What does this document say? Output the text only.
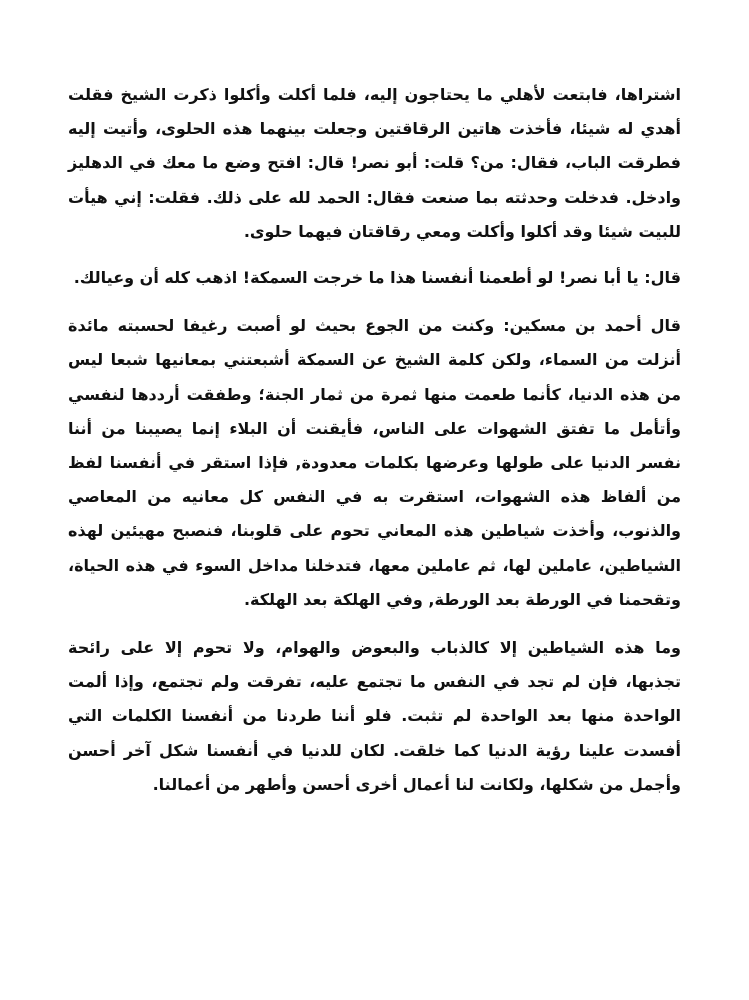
اشتراها، فابتعت لأهلي ما يحتاجون إليه، فلما أكلت وأكلوا ذكرت الشيخ فقلت أهدي له شيئا، فأخذت هاتين الرقاقتين وجعلت بينهما هذه الحلوى، وأتيت إليه فطرقت الباب، فقال: من؟ قلت: أبو نصر! قال: افتح وضع ما معك في الدهليز وادخل. فدخلت وحدثته بما صنعت فقال: الحمد لله على ذلك. فقلت: إني هيأت للبيت شيئا وقد أكلوا وأكلت ومعي رقاقتان فيهما حلوى.

قال: يا أبا نصر! لو أطعمنا أنفسنا هذا ما خرجت السمكة! اذهب كله أن وعيالك.

قال أحمد بن مسكين: وكنت من الجوع بحيث لو أصبت رغيفا لحسبته مائدة أنزلت من السماء، ولكن كلمة الشيخ عن السمكة أشبعتني بمعانيها شبعا ليس من هذه الدنيا، كأنما طعمت منها ثمرة من ثمار الجنة؛ وطفقت أرددها لنفسي وأتأمل ما تفتق الشهوات على الناس، فأيقنت أن البلاء إنما يصيبنا من أننا نفسر الدنيا على طولها وعرضها بكلمات معدودة, فإذا استقر في أنفسنا لفظ من ألفاظ هذه الشهوات، استقرت به في النفس كل معانيه من المعاصي والذنوب، وأخذت شياطين هذه المعاني تحوم على قلوبنا، فنصبح مهيئين لهذه الشياطين، عاملين لها، ثم عاملين معها، فتدخلنا مداخل السوء في هذه الحياة، وتقحمنا في الورطة بعد الورطة, وفي الهلكة بعد الهلكة.

وما هذه الشياطين إلا كالذباب والبعوض والهوام، ولا تحوم إلا على رائحة تجذبها، فإن لم تجد في النفس ما تجتمع عليه، تفرقت ولم تجتمع، وإذا ألمت الواحدة منها بعد الواحدة لم تثبت. فلو أننا طردنا من أنفسنا الكلمات التي أفسدت علينا رؤية الدنيا كما خلقت. لكان للدنيا في أنفسنا شكل آخر أحسن وأجمل من شكلها، ولكانت لنا أعمال أخرى أحسن وأطهر من أعمالنا.
